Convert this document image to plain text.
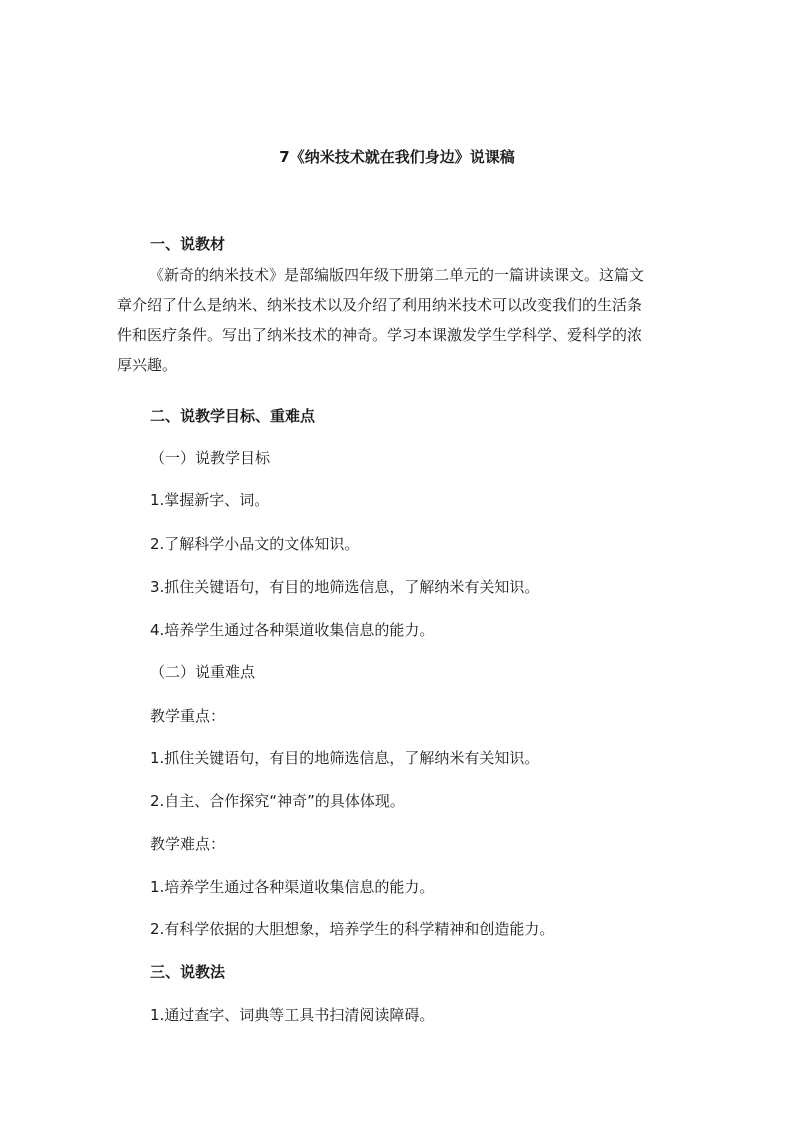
7《纳米技术就在我们身边》说课稿
一、说教材
《新奇的纳米技术》是部编版四年级下册第二单元的一篇讲读课文。这篇文
章介绍了什么是纳米、纳米技术以及介绍了利用纳米技术可以改变我们的生活条
件和医疗条件。写出了纳米技术的神奇。学习本课激发学生学科学、爱科学的浓
厚兴趣。
二、说教学目标、重难点
（一）说教学目标
1.掌握新字、词。
2.了解科学小品文的文体知识。
3.抓住关键语句，有目的地筛选信息，了解纳米有关知识。
4.培养学生通过各种渠道收集信息的能力。
（二）说重难点
教学重点：
1.抓住关键语句，有目的地筛选信息，了解纳米有关知识。
2.自主、合作探究“神奇”的具体体现。
教学难点：
1.培养学生通过各种渠道收集信息的能力。
2.有科学依据的大胆想象，培养学生的科学精神和创造能力。
三、说教法
1.通过查字、词典等工具书扫清阅读障碍。
